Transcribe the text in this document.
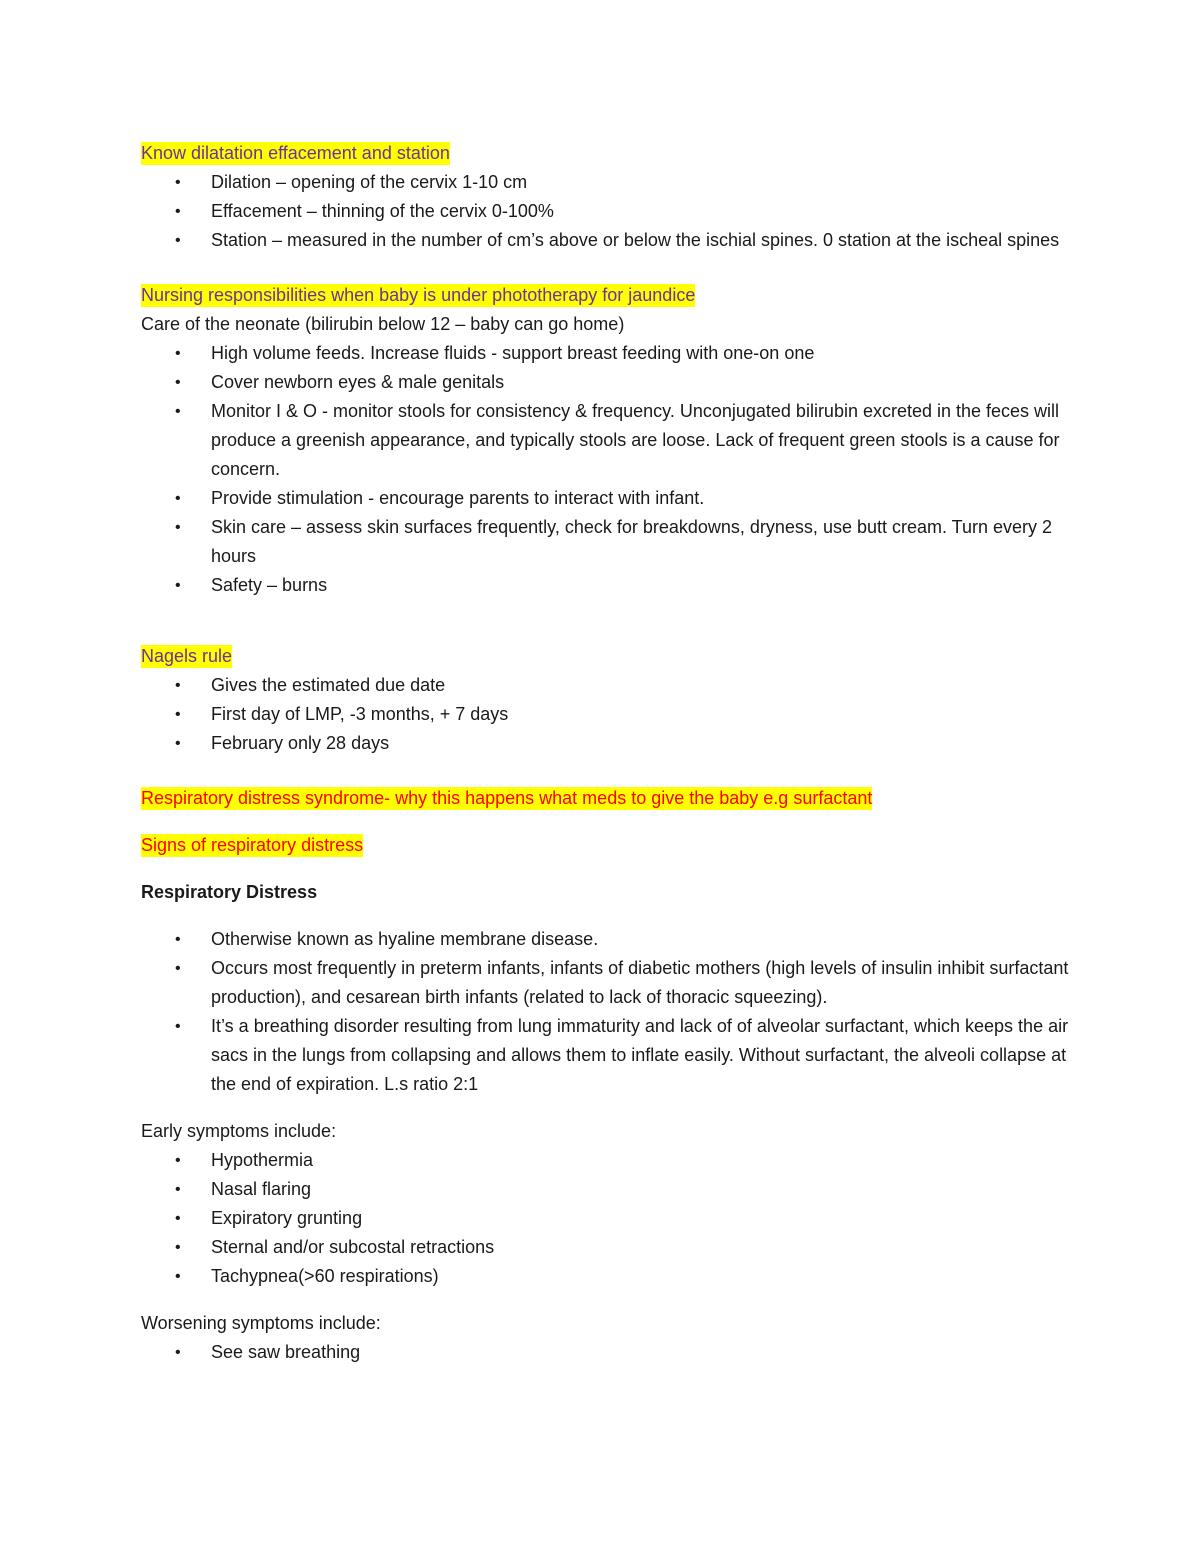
Know dilatation effacement and station

• Dilation – opening of the cervix 1-10 cm
• Effacement – thinning of the cervix 0-100%
• Station – measured in the number of cm’s above or below the ischial spines. 0 station at the ischeal spines

Nursing responsibilities when baby is under phototherapy for jaundice

Care of the neonate (bilirubin below 12 – baby can go home)

• High volume feeds. Increase fluids - support breast feeding with one-on one
• Cover newborn eyes & male genitals
• Monitor I & O - monitor stools for consistency & frequency. Unconjugated bilirubin excreted in the feces will produce a greenish appearance, and typically stools are loose. Lack of frequent green stools is a cause for concern.
• Provide stimulation - encourage parents to interact with infant.
• Skin care – assess skin surfaces frequently, check for breakdowns, dryness, use butt cream. Turn every 2 hours
• Safety – burns

Nagels rule

• Gives the estimated due date
• First day of LMP, -3 months, + 7 days
• February only 28 days

Respiratory distress syndrome- why this happens what meds to give the baby e.g surfactant

Signs of respiratory distress

Respiratory Distress

• Otherwise known as hyaline membrane disease.
• Occurs most frequently in preterm infants, infants of diabetic mothers (high levels of insulin inhibit surfactant production), and cesarean birth infants (related to lack of thoracic squeezing).
• It’s a breathing disorder resulting from lung immaturity and lack of of alveolar surfactant, which keeps the air sacs in the lungs from collapsing and allows them to inflate easily. Without surfactant, the alveoli collapse at the end of expiration. L.s ratio 2:1

Early symptoms include:

• Hypothermia
• Nasal flaring
• Expiratory grunting
• Sternal and/or subcostal retractions
• Tachypnea(>60 respirations)

Worsening symptoms include:

• See saw breathing
